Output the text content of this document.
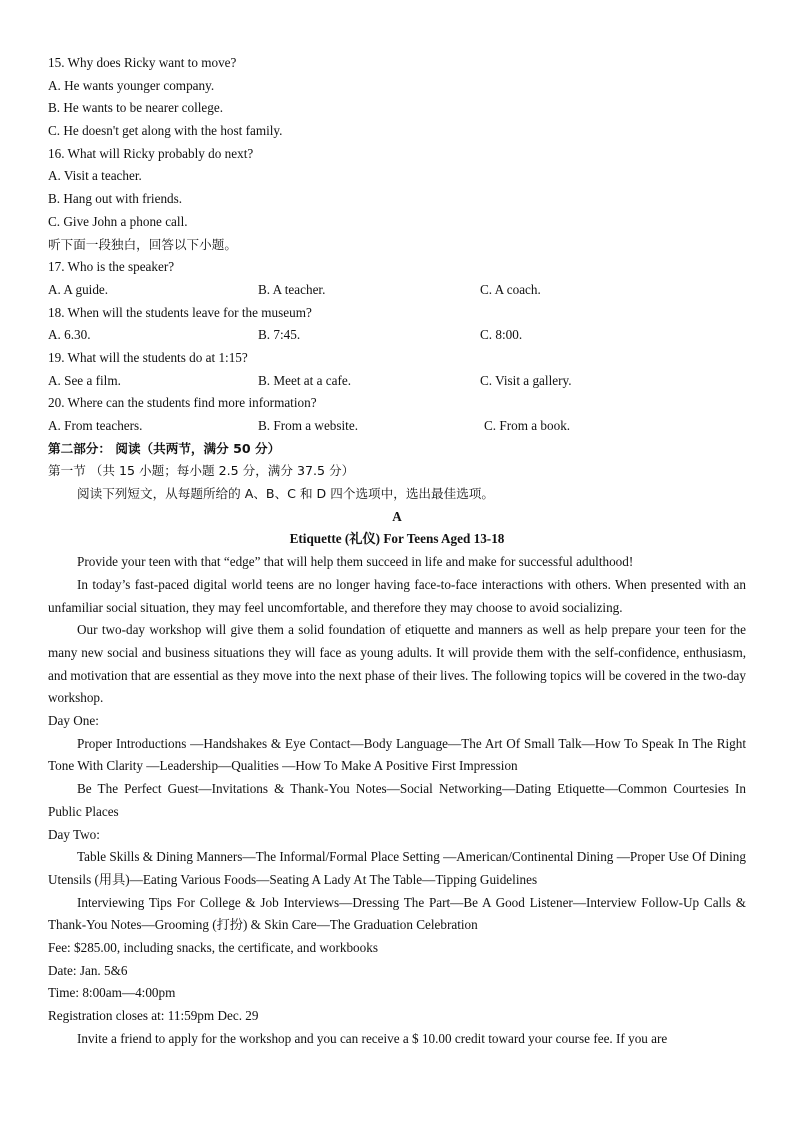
15. Why does Ricky want to move?
A. He wants younger company.
B. He wants to be nearer college.
C. He doesn't get along with the host family.
16. What will Ricky probably do next?
A. Visit a teacher.
B. Hang out with friends.
C. Give John a phone call.
听下面一段独白，回答以下小题。
17. Who is the speaker?
A. A guide.	B. A teacher.	C. A coach.
18. When will the students leave for the museum?
A. 6.30.	B. 7:45.	C. 8:00.
19. What will the students do at 1:15?
A. See a film.	B. Meet at a cafe.	C. Visit a gallery.
20. Where can the students find more information?
A. From teachers.	B. From a website.	C. From a book.
第二部分： 阅读（共两节，满分 50 分）
第一节 （共 15 小题；每小题 2.5 分，满分 37.5 分）
阅读下列短文，从每题所给的 A、B、C 和 D 四个选项中，选出最佳选项。
A
Etiquette (礼仪) For Teens Aged 13-18
Provide your teen with that “edge” that will help them succeed in life and make for successful adulthood!
In today’s fast-paced digital world teens are no longer having face-to-face interactions with others. When presented with an unfamiliar social situation, they may feel uncomfortable, and therefore they may choose to avoid socializing.
Our two-day workshop will give them a solid foundation of etiquette and manners as well as help prepare your teen for the many new social and business situations they will face as young adults. It will provide them with the self-confidence, enthusiasm, and motivation that are essential as they move into the next phase of their lives. The following topics will be covered in the two-day workshop.
Day One:
Proper Introductions —Handshakes & Eye Contact—Body Language—The Art Of Small Talk—How To Speak In The Right Tone With Clarity —Leadership—Qualities —How To Make A Positive First Impression
Be The Perfect Guest—Invitations & Thank-You Notes—Social Networking—Dating Etiquette—Common Courtesies In Public Places
Day Two:
Table Skills & Dining Manners—The Informal/Formal Place Setting —American/Continental Dining —Proper Use Of Dining Utensils (用具)—Eating Various Foods—Seating A Lady At The Table—Tipping Guidelines
Interviewing Tips For College & Job Interviews—Dressing The Part—Be A Good Listener—Interview Follow-Up Calls & Thank-You Notes—Grooming (打扮) & Skin Care—The Graduation Celebration
Fee: $285.00, including snacks, the certificate, and workbooks
Date: Jan. 5&6
Time: 8:00am—4:00pm
Registration closes at: 11:59pm Dec. 29
Invite a friend to apply for the workshop and you can receive a $ 10.00 credit toward your course fee. If you are
